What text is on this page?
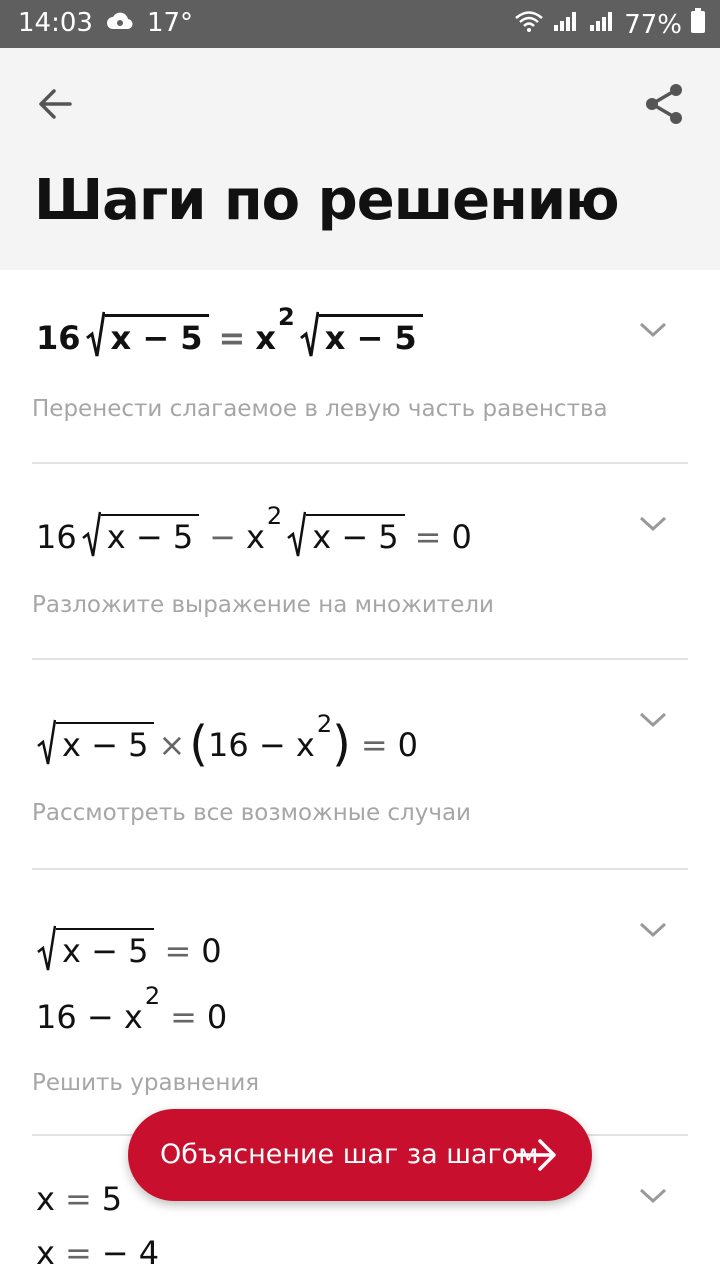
14:03 17°	77%
Шаги по решению
16 x − 5 = x
2
x − 5
Перенести слагаемое в левую часть равенства
16 x − 5 − x
2
x − 5 = 0
Разложите выражение на множители
x − 5 × ( 16 − x
2 ) = 0
Рассмотреть все возможные случаи
x − 5 = 0
16 − x
2
= 0
Решить уравнения
x = 5
x = − 4
Объяснение шаг за шагом
